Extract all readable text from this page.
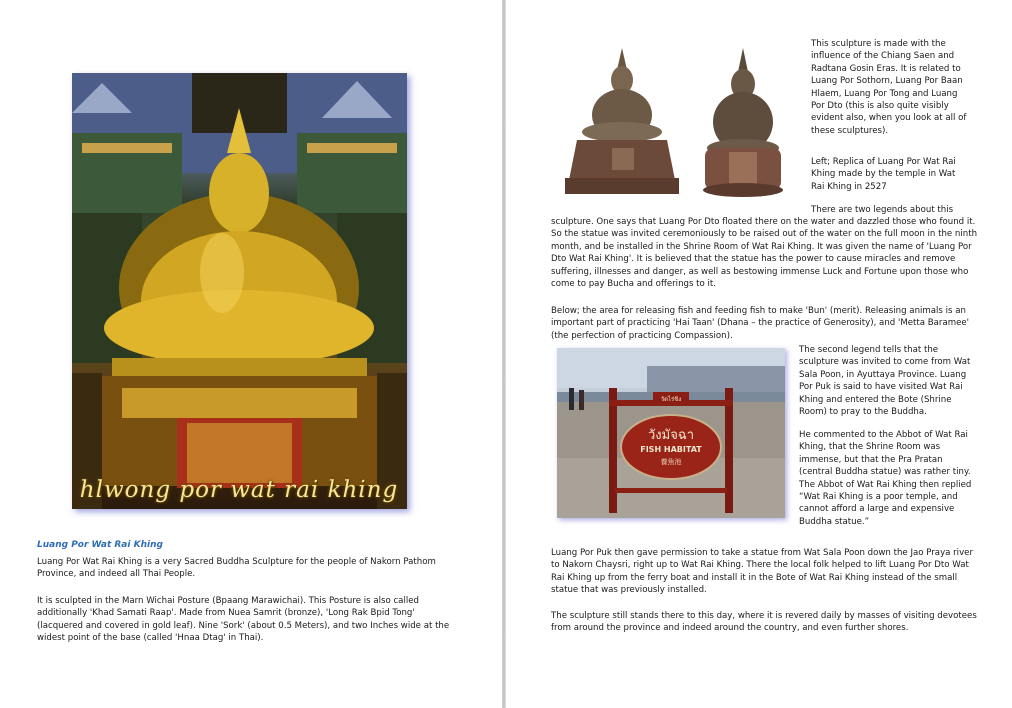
hlwong por wat rai khing
Luang Por Wat Rai Khing

Luang Por Wat Rai Khing is a very Sacred Buddha Sculpture for the people of Nakorn Pathom Province, and indeed all Thai People.

It is sculpted in the Marn Wichai Posture (Bpaang Marawichai). This Posture is also called additionally 'Khad Samati Raap'. Made from Nuea Samrit (bronze), 'Long Rak Bpid Tong' (lacquered and covered in gold leaf). Nine 'Sork' (about 0.5 Meters), and two Inches wide at the widest point of the base (called 'Hnaa Dtag' in Thai).

This sculpture is made with the influence of the Chiang Saen and Radtana Gosin Eras. It is related to Luang Por Sothorn, Luang Por Baan Hlaem, Luang Por Tong and Luang Por Dto (this is also quite visibly evident also, when you look at all of these sculptures).

Left; Replica of Luang Por Wat Rai Khing made by the temple in Wat Rai Khing in 2527

There are two legends about this

sculpture. One says that Luang Por Dto floated there on the water and dazzled those who found it. So the statue was invited ceremoniously to be raised out of the water on the full moon in the ninth month, and be installed in the Shrine Room of Wat Rai Khing. It was given the name of 'Luang Por Dto Wat Rai Khing'. It is believed that the statue has the power to cause miracles and remove suffering, illnesses and danger, as well as bestowing immense Luck and Fortune upon those who come to pay Bucha and offerings to it.

Below; the area for releasing fish and feeding fish to make 'Bun' (merit). Releasing animals is an important part of practicing 'Hai Taan' (Dhana – the practice of Generosity), and 'Metta Baramee' (the perfection of practicing Compassion).

วังมัจฉา
FISH HABITAT
養魚池
วัดไร่ขิง

The second legend tells that the sculpture was invited to come from Wat Sala Poon, in Ayuttaya Province. Luang Por Puk is said to have visited Wat Rai Khing and entered the Bote (Shrine Room) to pray to the Buddha.

He commented to the Abbot of Wat Rai Khing, that the Shrine Room was immense, but that the Pra Pratan (central Buddha statue) was rather tiny. The Abbot of Wat Rai Khing then replied “Wat Rai Khing is a poor temple, and cannot afford a large and expensive Buddha statue.”

Luang Por Puk then gave permission to take a statue from Wat Sala Poon down the Jao Praya river to Nakorn Chaysri, right up to Wat Rai Khing. There the local folk helped to lift Luang Por Dto Wat Rai Khing up from the ferry boat and install it in the Bote of Wat Rai Khing instead of the small statue that was previously installed.

The sculpture still stands there to this day, where it is revered daily by masses of visiting devotees from around the province and indeed around the country, and even further shores.
